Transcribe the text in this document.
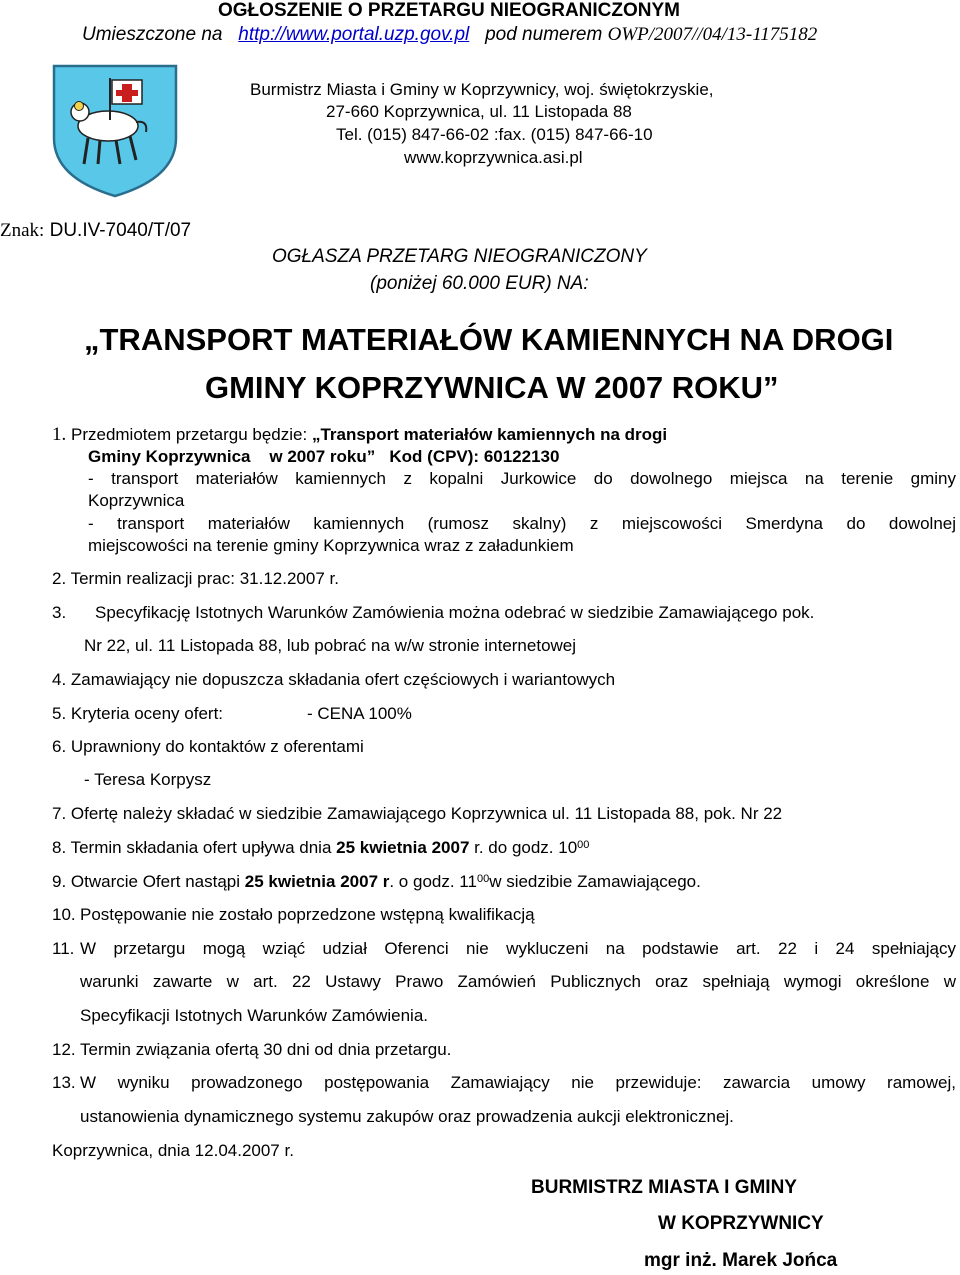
OGŁOSZENIE O PRZETARGU NIEOGRANICZONYM
Umieszczone na http://www.portal.uzp.gov.pl pod numerem OWP/2007//04/13-1175182
Burmistrz Miasta i Gminy w Koprzywnicy, woj. świętokrzyskie,
27-660 Koprzywnica, ul. 11 Listopada 88
Tel. (015) 847-66-02 :fax. (015) 847-66-10
www.koprzywnica.asi.pl
Znak: DU.IV-7040/T/07
OGŁASZA PRZETARG NIEOGRANICZONY
(poniżej 60.000 EUR) NA:
„TRANSPORT MATERIAŁÓW KAMIENNYCH NA DROGI
GMINY KOPRZYWNICA W 2007 ROKU”
1. Przedmiotem przetargu będzie: „Transport materiałów kamiennych na drogi
Gminy Koprzywnica w 2007 roku” Kod (CPV): 60122130
- transport materiałów kamiennych z kopalni Jurkowice do dowolnego miejsca na terenie gminy
Koprzywnica
- transport materiałów kamiennych (rumosz skalny) z miejscowości Smerdyna do dowolnej
miejscowości na terenie gminy Koprzywnica wraz z załadunkiem
2. Termin realizacji prac: 31.12.2007 r.
3. Specyfikację Istotnych Warunków Zamówienia można odebrać w siedzibie Zamawiającego pok.
Nr 22, ul. 11 Listopada 88, lub pobrać na w/w stronie internetowej
4. Zamawiający nie dopuszcza składania ofert częściowych i wariantowych
5. Kryteria oceny ofert:	- CENA 100%
6. Uprawniony do kontaktów z oferentami
- Teresa Korpysz
7. Ofertę należy składać w siedzibie Zamawiającego Koprzywnica ul. 11 Listopada 88, pok. Nr 22
8. Termin składania ofert upływa dnia 25 kwietnia 2007 r. do godz. $10^{00}$
9. Otwarcie Ofert nastąpi 25 kwietnia 2007 r. o godz. $11^{00}w$ siedzibie Zamawiającego.
10. Postępowanie nie zostało poprzedzone wstępną kwalifikacją
11. W przetargu mogą wziąć udział Oferenci nie wykluczeni na podstawie art. 22 i 24 spełniający
warunki zawarte w art. 22 Ustawy Prawo Zamówień Publicznych oraz spełniają wymogi określone w
Specyfikacji Istotnych Warunków Zamówienia.
12. Termin związania ofertą 30 dni od dnia przetargu.
13. W wyniku prowadzonego postępowania Zamawiający nie przewiduje: zawarcia umowy ramowej,
ustanowienia dynamicznego systemu zakupów oraz prowadzenia aukcji elektronicznej.
Koprzywnica, dnia 12.04.2007 r.
BURMISTRZ MIASTA I GMINY
W KOPRZYWNICY
mgr inż. Marek Jońca
